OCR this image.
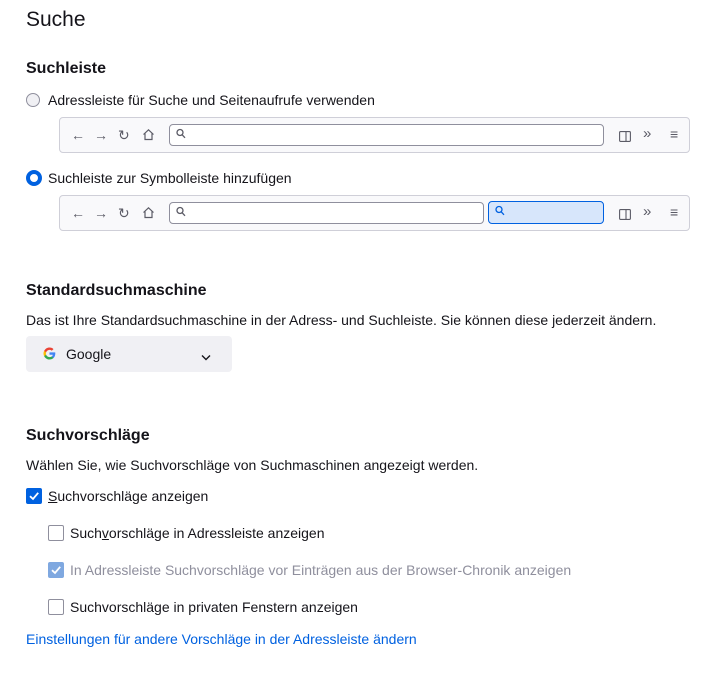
Suche
Suchleiste
Adressleiste für Suche und Seitenaufrufe verwenden
← → ↻	» ≡
Suchleiste zur Symbolleiste hinzufügen
← → ↻	» ≡
Standardsuchmaschine
Das ist Ihre Standardsuchmaschine in der Adress- und Suchleiste. Sie können diese jederzeit ändern.
Google
Suchvorschläge
Wählen Sie, wie Suchvorschläge von Suchmaschinen angezeigt werden.
Suchvorschläge anzeigen
Suchvorschläge in Adressleiste anzeigen
In Adressleiste Suchvorschläge vor Einträgen aus der Browser-Chronik anzeigen
Suchvorschläge in privaten Fenstern anzeigen
Einstellungen für andere Vorschläge in der Adressleiste ändern
